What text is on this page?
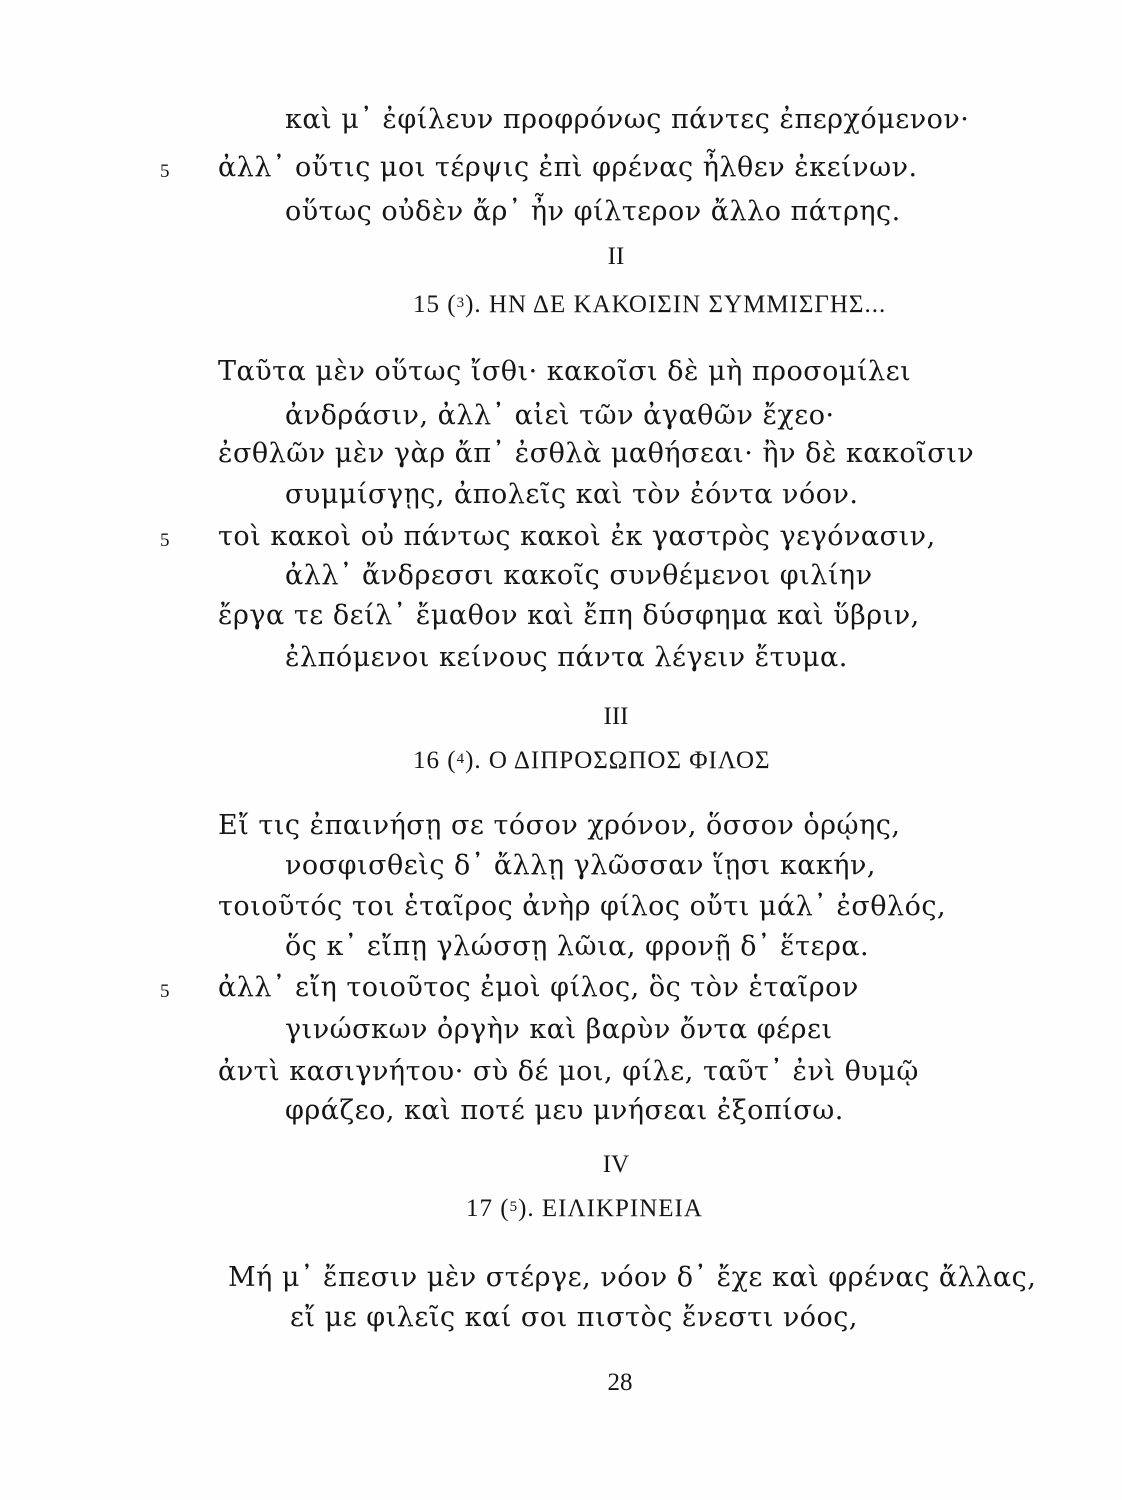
καὶ μ᾽ ἐφίλευν προφρόνως πάντες ἐπερχόμενον·
5 ἀλλ᾽ οὔτις μοι τέρψις ἐπὶ φρένας ἦλθεν ἐκείνων.
οὕτως οὐδὲν ἄρ᾽ ἦν φίλτερον ἄλλο πάτρης.
II
15 ($^3$). ΗΝ ΔΕ ΚΑΚΟΙΣΙΝ ΣΥΜΜΙΣΓΗΣ...
Ταῦτα μὲν οὕτως ἴσθι· κακοῖσι δὲ μὴ προσομίλει
ἀνδράσιν, ἀλλ᾽ αἰεὶ τῶν ἀγαθῶν ἔχεο·
ἐσθλῶν μὲν γὰρ ἄπ᾽ ἐσθλὰ μαθήσεαι· ἢν δὲ κακοῖσιν
συμμίσγῃς, ἀπολεῖς καὶ τὸν ἐόντα νόον.
5 τοὶ κακοὶ οὐ πάντως κακοὶ ἐκ γαστρὸς γεγόνασιν,
ἀλλ᾽ ἄνδρεσσι κακοῖς συνθέμενοι φιλίην
ἔργα τε δείλ᾽ ἔμαθον καὶ ἔπη δύσφημα καὶ ὕβριν,
ἐλπόμενοι κείνους πάντα λέγειν ἔτυμα.
III
16 ($^4$). Ο ΔΙΠΡΟΣΩΠΟΣ ΦΙΛΟΣ
Εἴ τις ἐπαινήσῃ σε τόσον χρόνον, ὅσσον ὁρῴης,
νοσφισθεὶς δ᾽ ἄλλῃ γλῶσσαν ἵῃσι κακήν,
τοιοῦτός τοι ἑταῖρος ἀνὴρ φίλος οὔτι μάλ᾽ ἐσθλός,
ὅς κ᾽ εἴπῃ γλώσσῃ λῶια, φρονῇ δ᾽ ἕτερα.
5 ἀλλ᾽ εἴη τοιοῦτος ἐμοὶ φίλος, ὃς τὸν ἑταῖρον
γινώσκων ὀργὴν καὶ βαρὺν ὄντα φέρει
ἀντὶ κασιγνήτου· σὺ δέ μοι, φίλε, ταῦτ᾽ ἐνὶ θυμῷ
φράζεο, καὶ ποτέ μευ μνήσεαι ἐξοπίσω.
IV
17 ($^5$). ΕΙΛΙΚΡΙΝΕΙΑ
Μή μ᾽ ἔπεσιν μὲν στέργε, νόον δ᾽ ἔχε καὶ φρένας ἄλλας,
εἴ με φιλεῖς καί σοι πιστὸς ἔνεστι νόος,
28
